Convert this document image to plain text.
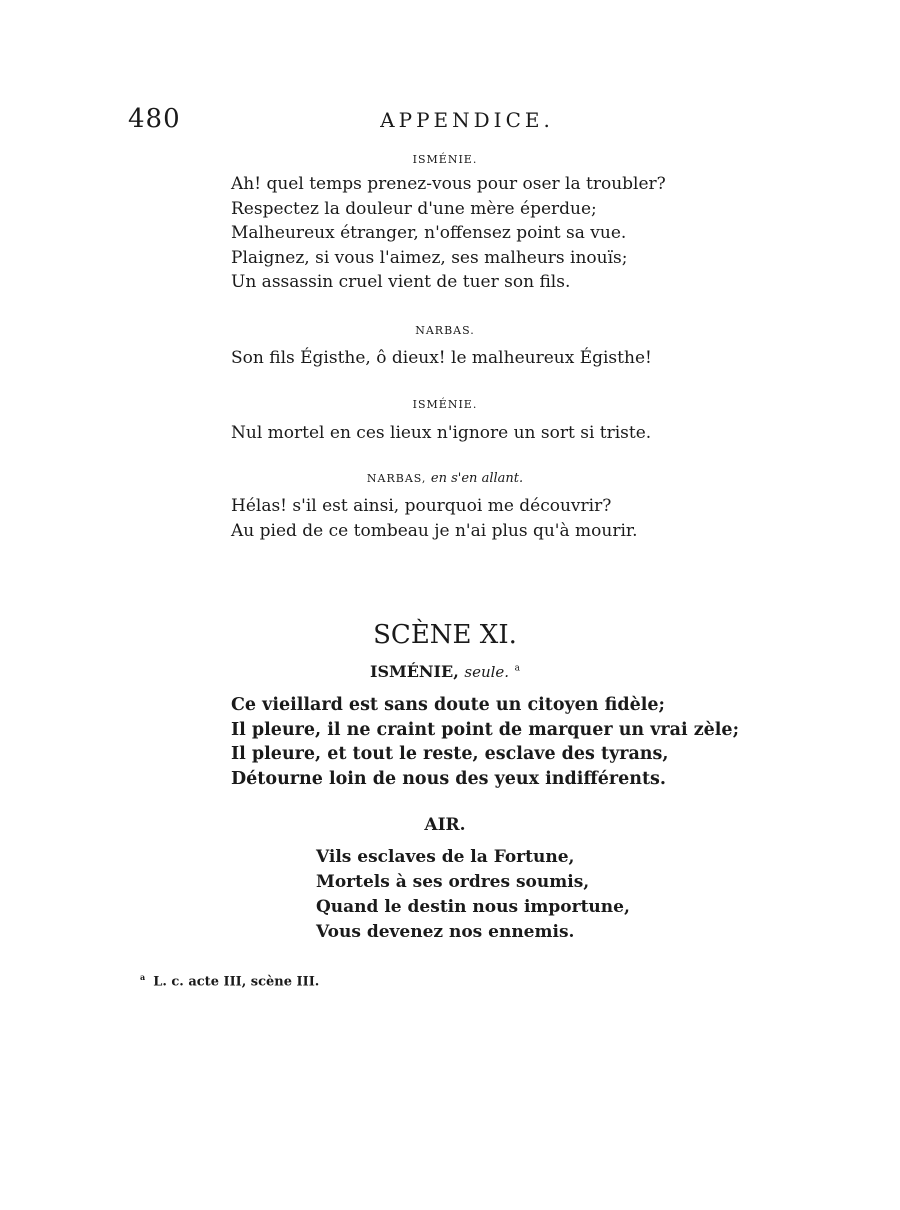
480	APPENDICE.
ISMÉNIE.
Ah! quel temps prenez-vous pour oser la troubler?
Respectez la douleur d'une mère éperdue;
Malheureux étranger, n'offensez point sa vue.
Plaignez, si vous l'aimez, ses malheurs inouïs;
Un assassin cruel vient de tuer son fils.
NARBAS.
Son fils Égisthe, ô dieux! le malheureux Égisthe!
ISMÉNIE.
Nul mortel en ces lieux n'ignore un sort si triste.
NARBAS, en s'en allant.
Hélas! s'il est ainsi, pourquoi me découvrir?
Au pied de ce tombeau je n'ai plus qu'à mourir.
SCÈNE XI.
ISMÉNIE, seule. $^a$
Ce vieillard est sans doute un citoyen fidèle;
Il pleure, il ne craint point de marquer un vrai zèle;
Il pleure, et tout le reste, esclave des tyrans,
Détourne loin de nous des yeux indifférents.
AIR.
Vils esclaves de la Fortune,
Mortels à ses ordres soumis,
Quand le destin nous importune,
Vous devenez nos ennemis.
$^a$ L. c. acte III, scène III.
